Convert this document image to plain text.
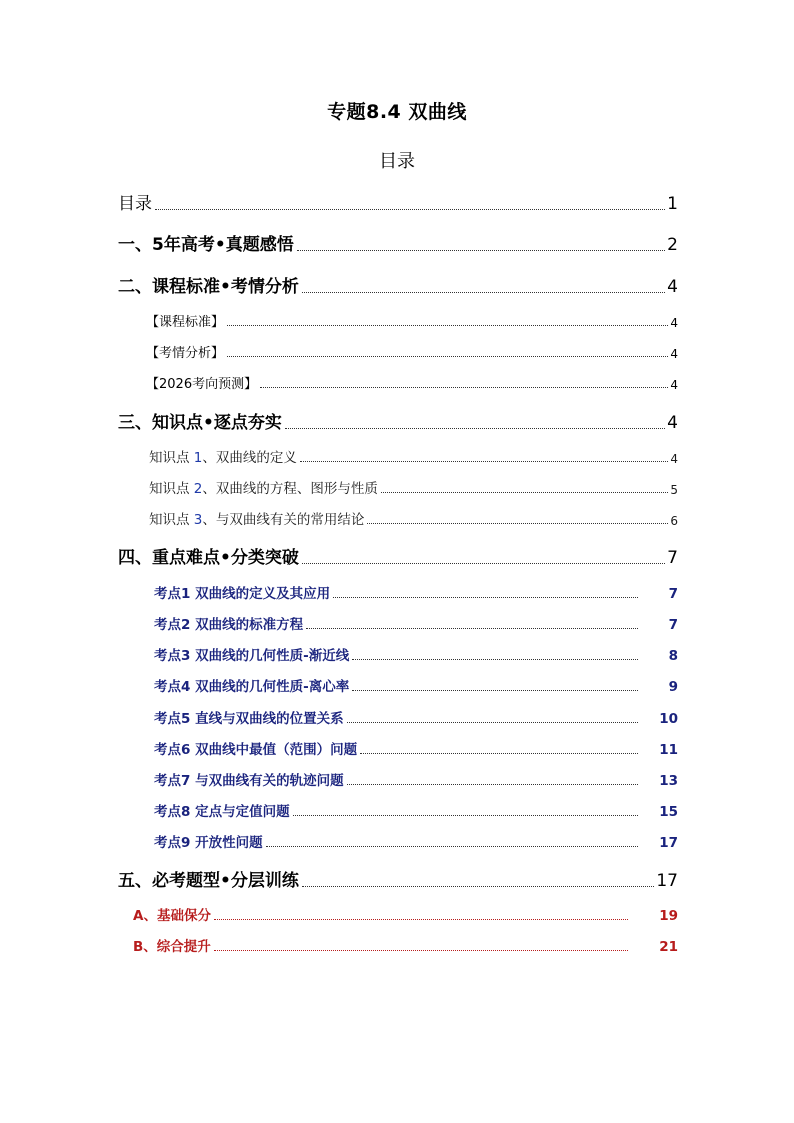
专题8.4 双曲线
目录
目录	1
一、5年高考•真题感悟	2
二、课程标准•考情分析	4
【课程标准】	4
【考情分析】	4
【2026考向预测】	4
三、知识点•逐点夯实	4
知识点 1、双曲线的定义	4
知识点 2、双曲线的方程、图形与性质	5
知识点 3、与双曲线有关的常用结论	6
四、重点难点•分类突破	7
考点1 双曲线的定义及其应用	7
考点2 双曲线的标准方程	7
考点3 双曲线的几何性质-渐近线	8
考点4 双曲线的几何性质-离心率	9
考点5 直线与双曲线的位置关系	10
考点6 双曲线中最值（范围）问题	11
考点7 与双曲线有关的轨迹问题	13
考点8 定点与定值问题	15
考点9 开放性问题	17
五、必考题型•分层训练	17
A、基础保分	19
B、综合提升	21
